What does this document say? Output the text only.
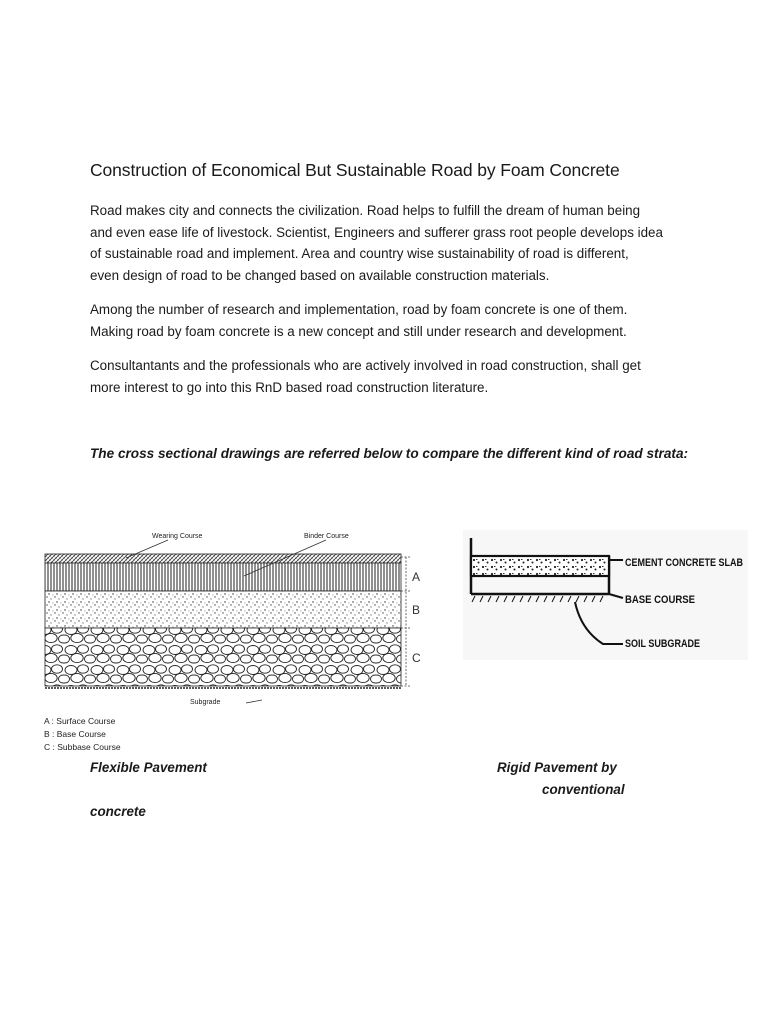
Construction of Economical But Sustainable Road by Foam Concrete

Road makes city and connects the civilization. Road helps to fulfill the dream of human being
and even ease life of livestock. Scientist, Engineers and sufferer grass root people develops idea
of sustainable road and implement. Area and country wise sustainability of road is different,
even design of road to be changed based on available construction materials.

Among the number of research and implementation, road by foam concrete is one of them.
Making road by foam concrete is a new concept and still under research and development.

Consultantants and the professionals who are actively involved in road construction, shall get
more interest to go into this RnD based road construction literature.

The cross sectional drawings are referred below to compare the different kind of road strata:
Wearing Course	Binder Course
Subgrade
A
B
C
A : Surface Course
B : Base Course
C : Subbase Course
CEMENT CONCRETE SLAB
BASE COURSE
SOIL SUBGRADE
Flexible Pavement	Rigid Pavement by
conventional
concrete
